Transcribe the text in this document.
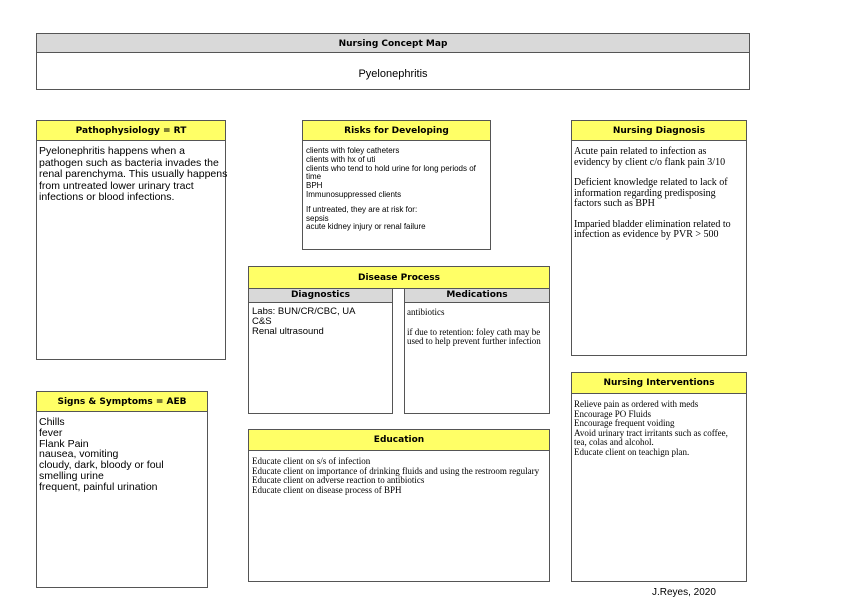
Nursing Concept Map
Pyelonephritis
Pathophysiology = RT
Pyelonephritis happens when a pathogen such as bacteria invades the renal parenchyma. This usually happens from untreated lower urinary tract infections or blood infections.
Risks for Developing
clients with foley catheters
clients with hx of uti
clients who tend to hold urine for long periods of time
BPH
Immunosuppressed clients
If untreated, they are at risk for:
sepsis
acute kidney injury or renal failure
Nursing Diagnosis
Acute pain related to infection as evidency by client c/o flank pain 3/10
Deficient knowledge related to lack of information regarding predisposing factors such as BPH
Imparied bladder elimination related to infection as evidence by PVR > 500
Disease Process
Diagnostics
Labs: BUN/CR/CBC, UA C&S
Renal ultrasound
Medications
antibiotics
if due to retention: foley cath may be used to help prevent further infection
Signs & Symptoms = AEB
Chills
fever
Flank Pain
nausea, vomiting
cloudy, dark, bloody or foul smelling urine
frequent, painful urination
Education
Educate client on s/s of infection
Educate client on importance of drinking fluids and using the restroom regulary
Educate client on adverse reaction to antibiotics
Educate client on disease process of BPH
Nursing Interventions
Relieve pain as ordered with meds
Encourage PO Fluids
Encourage frequent voiding
Avoid urinary tract irritants such as coffee, tea, colas and alcohol.
Educate client on teachign plan.
J.Reyes, 2020
